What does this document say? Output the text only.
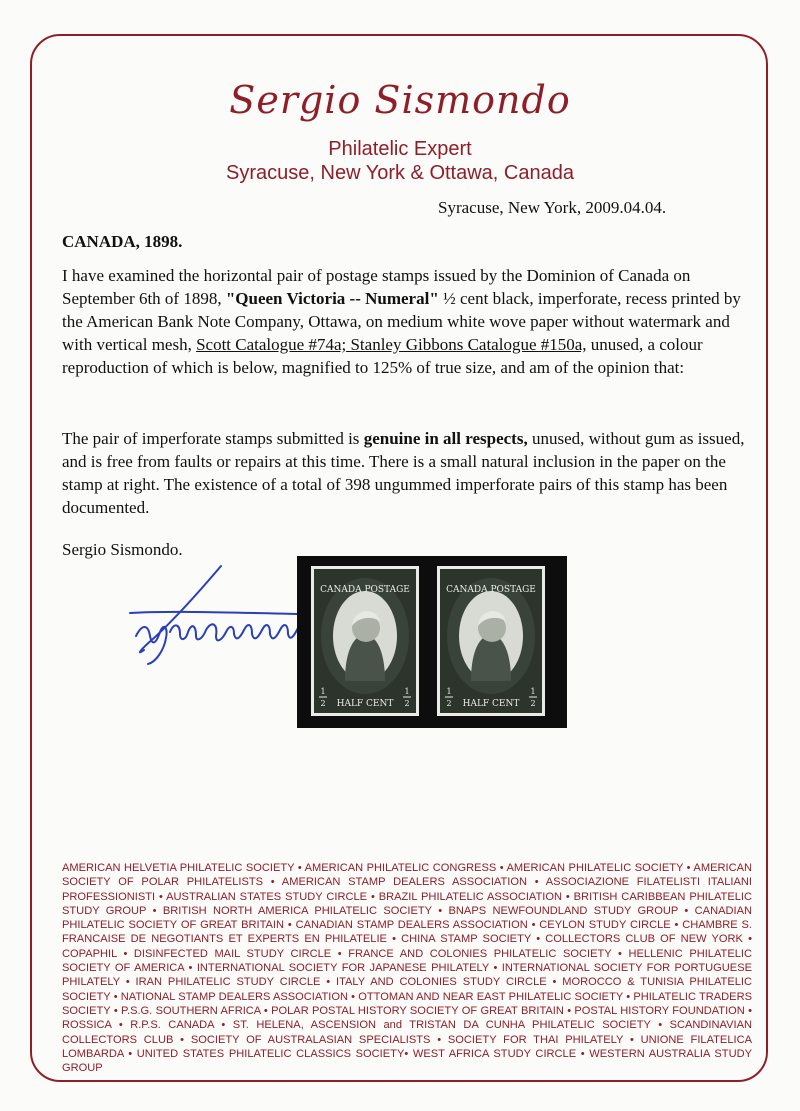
Sergio Sismondo
Philatelic Expert
Syracuse, New York & Ottawa, Canada
Syracuse, New York, 2009.04.04.
CANADA, 1898.
I have examined the horizontal pair of postage stamps issued by the Dominion of Canada on September 6th of 1898, "Queen Victoria -- Numeral" ½ cent black, imperforate, recess printed by the American Bank Note Company, Ottawa, on medium white wove paper without watermark and with vertical mesh, Scott Catalogue #74a; Stanley Gibbons Catalogue #150a, unused, a colour reproduction of which is below, magnified to 125% of true size, and am of the opinion that:
The pair of imperforate stamps submitted is genuine in all respects, unused, without gum as issued, and is free from faults or repairs at this time. There is a small natural inclusion in the paper on the stamp at right. The existence of a total of 398 ungummed imperforate pairs of this stamp has been documented.
Sergio Sismondo.
CANADA POSTAGE
HALF CENT
1
2
1
2
CANADA POSTAGE
HALF CENT
1
2
1
2
AMERICAN HELVETIA PHILATELIC SOCIETY • AMERICAN PHILATELIC CONGRESS • AMERICAN PHILATELIC SOCIETY • AMERICAN SOCIETY OF POLAR PHILATELISTS • AMERICAN STAMP DEALERS ASSOCIATION • ASSOCIAZIONE FILATELISTI ITALIANI PROFESSIONISTI • AUSTRALIAN STATES STUDY CIRCLE • BRAZIL PHILATELIC ASSOCIATION • BRITISH CARIBBEAN PHILATELIC STUDY GROUP • BRITISH NORTH AMERICA PHILATELIC SOCIETY • BNAPS NEWFOUNDLAND STUDY GROUP • CANADIAN PHILATELIC SOCIETY OF GREAT BRITAIN • CANADIAN STAMP DEALERS ASSOCIATION • CEYLON STUDY CIRCLE • CHAMBRE S. FRANCAISE DE NEGOTIANTS ET EXPERTS EN PHILATELIE • CHINA STAMP SOCIETY • COLLECTORS CLUB OF NEW YORK • COPAPHIL • DISINFECTED MAIL STUDY CIRCLE • FRANCE AND COLONIES PHILATELIC SOCIETY • HELLENIC PHILATELIC SOCIETY OF AMERICA • INTERNATIONAL SOCIETY FOR JAPANESE PHILATELY • INTERNATIONAL SOCIETY FOR PORTUGUESE PHILATELY • IRAN PHILATELIC STUDY CIRCLE • ITALY AND COLONIES STUDY CIRCLE • MOROCCO & TUNISIA PHILATELIC SOCIETY • NATIONAL STAMP DEALERS ASSOCIATION • OTTOMAN AND NEAR EAST PHILATELIC SOCIETY • PHILATELIC TRADERS SOCIETY • P.S.G. SOUTHERN AFRICA • POLAR POSTAL HISTORY SOCIETY OF GREAT BRITAIN • POSTAL HISTORY FOUNDATION • ROSSICA • R.P.S. CANADA • ST. HELENA, ASCENSION and TRISTAN DA CUNHA PHILATELIC SOCIETY • SCANDINAVIAN COLLECTORS CLUB • SOCIETY OF AUSTRALASIAN SPECIALISTS • SOCIETY FOR THAI PHILATELY • UNIONE FILATELICA LOMBARDA • UNITED STATES PHILATELIC CLASSICS SOCIETY• WEST AFRICA STUDY CIRCLE • WESTERN AUSTRALIA STUDY GROUP
